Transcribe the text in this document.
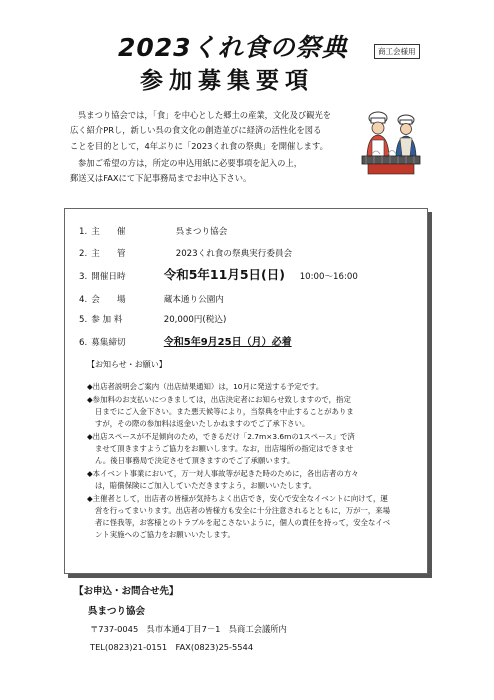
2023くれ食の祭典
参加募集要項
商工会様用
呉まつり協会では，「食」を中心とした郷土の産業，文化及び観光を
広く紹介PRし，新しい呉の食文化の創造並びに経済の活性化を図る
ことを目的として，4年ぶりに「2023くれ食の祭典」を開催します。
参加ご希望の方は，所定の申込用紙に必要事項を記入の上，
郵送又はFAXにて下記事務局までお申込下さい。
1. 主　　催	呉まつり協会
2. 主　　管	2023くれ食の祭典実行委員会
3. 開催日時	令和5年11月5日(日) 10:00～16:00
4. 会　　場	蔵本通り公園内
5. 参 加 料	20,000円(税込)
6. 募集締切	令和5年9月25日（月）必着
【お知らせ・お願い】

◆出店者説明会ご案内（出店結果通知）は，10月に発送する予定です。

◆参加料のお支払いにつきましては，出店決定者にお知らせ致しますので，指定
日までにご入金下さい。また悪天候等により，当祭典を中止することがありま
すが，その際の参加料は返金いたしかねますのでご了承下さい。

◆出店スペースが不足傾向のため，できるだけ「2.7m×3.6mの1スペース」で済
ませて頂きますようご協力をお願いします。なお，出店場所の指定はできませ
ん。後日事務局で決定させて頂きますのでご了承願います。

◆本イベント事業において，万一対人事故等が起きた時のために，各出店者の方々
は，賠償保険にご加入していただきますよう，お願いいたします。

◆主催者として，出店者の皆様が気持ちよく出店でき，安心で安全なイベントに向けて，運
営を行ってまいります。出店者の皆様方も安全に十分注意されるとともに，万が一，来場
者に怪我等，お客様とのトラブルを起こさないように，個人の責任を持って，安全なイベ
ント実施へのご協力をお願いいたします。

【お申込・お問合せ先】
呉まつり協会
〒737-0045　呉市本通4丁目7－1　呉商工会議所内
TEL(0823)21-0151　FAX(0823)25-5544
